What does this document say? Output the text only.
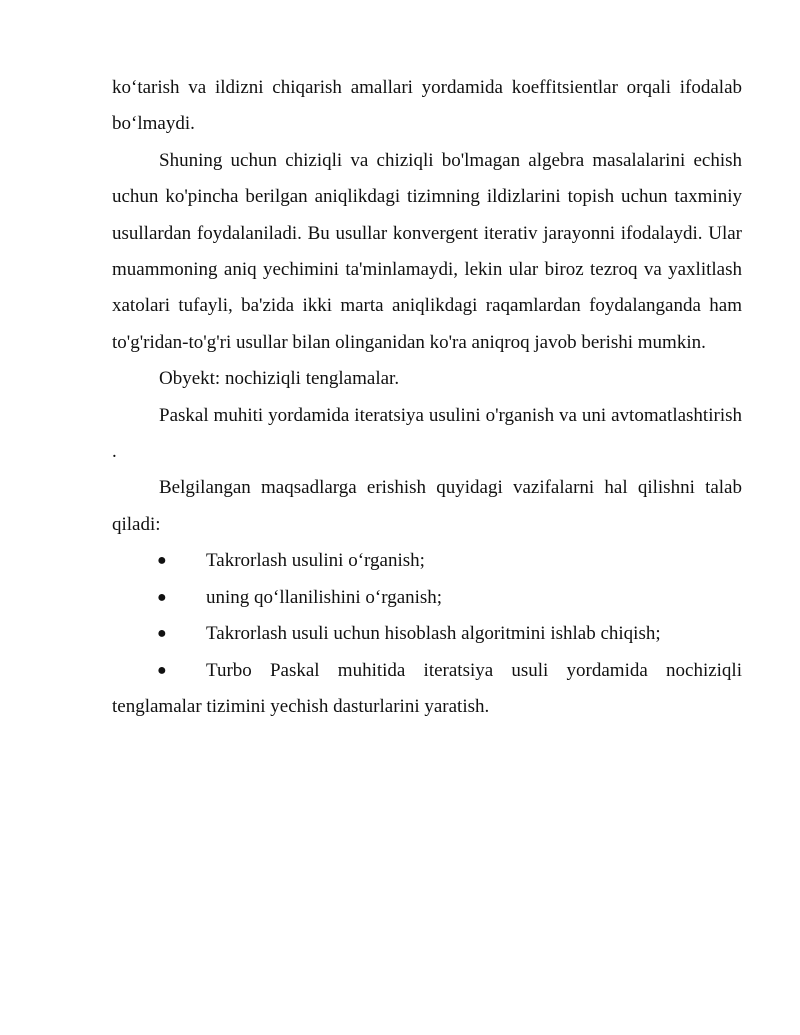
ko‘tarish va ildizni chiqarish amallari yordamida koeffitsientlar orqali ifodalab bo‘lmaydi.

Shuning uchun chiziqli va chiziqli bo'lmagan algebra masalalarini echish uchun ko'pincha berilgan aniqlikdagi tizimning ildizlarini topish uchun taxminiy usullardan foydalaniladi. Bu usullar konvergent iterativ jarayonni ifodalaydi. Ular muammoning aniq yechimini ta'minlamaydi, lekin ular biroz tezroq va yaxlitlash xatolari tufayli, ba'zida ikki marta aniqlikdagi raqamlardan foydalanganda ham to'g'ridan-to'g'ri usullar bilan olinganidan ko'ra aniqroq javob berishi mumkin.

Obyekt: nochiziqli tenglamalar.

Paskal muhiti yordamida iteratsiya usulini o'rganish va uni avtomatlashtirish .

Belgilangan maqsadlarga erishish quyidagi vazifalarni hal qilishni talab qiladi:

● Takrorlash usulini o‘rganish;
● uning qo‘llanilishini o‘rganish;
● Takrorlash usuli uchun hisoblash algoritmini ishlab chiqish;
● Turbo Paskal muhitida iteratsiya usuli yordamida nochiziqli tenglamalar tizimini yechish dasturlarini yaratish.
